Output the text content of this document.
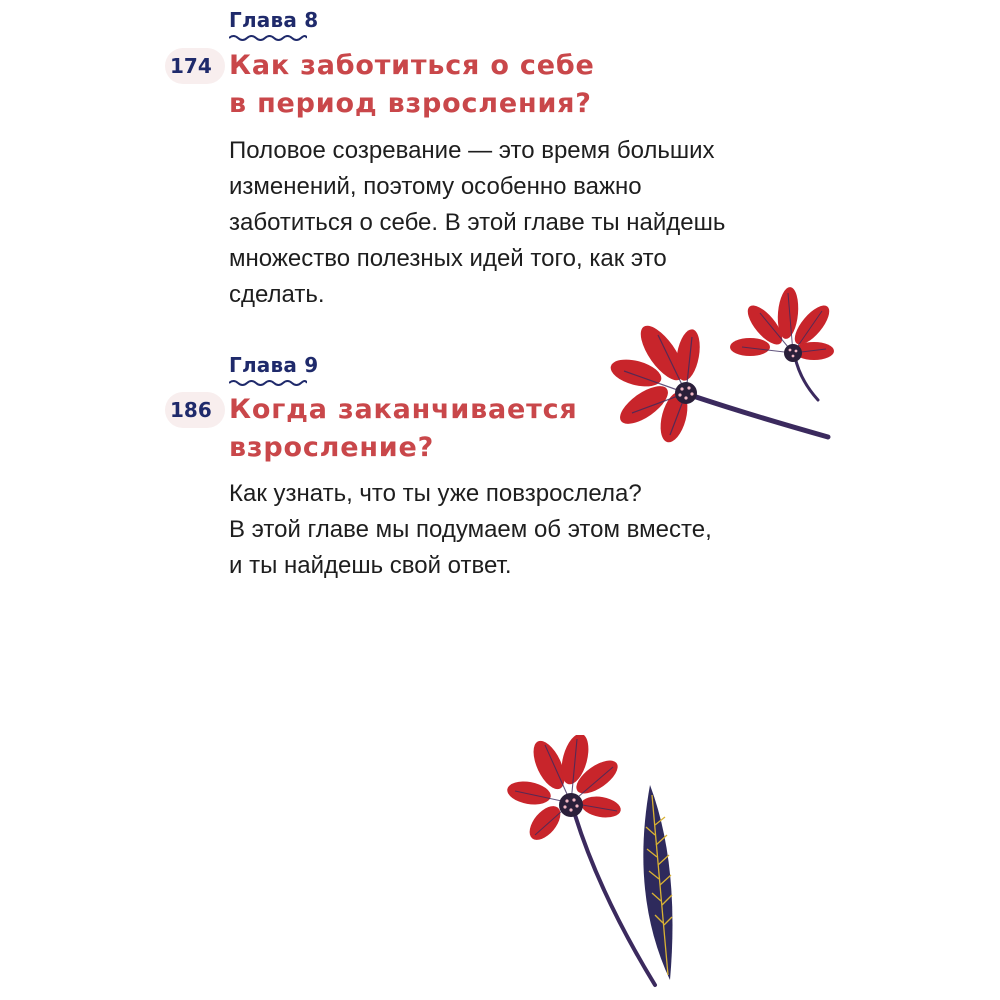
Глава 8
174 Как заботиться о себе
в период взросления?

Половое созревание — это время больших
изменений, поэтому особенно важно
заботиться о себе. В этой главе ты найдешь
множество полезных идей того, как это
сделать.

Глава 9
186 Когда заканчивается
взросление?

Как узнать, что ты уже повзрослела?
В этой главе мы подумаем об этом вместе,
и ты найдешь свой ответ.
